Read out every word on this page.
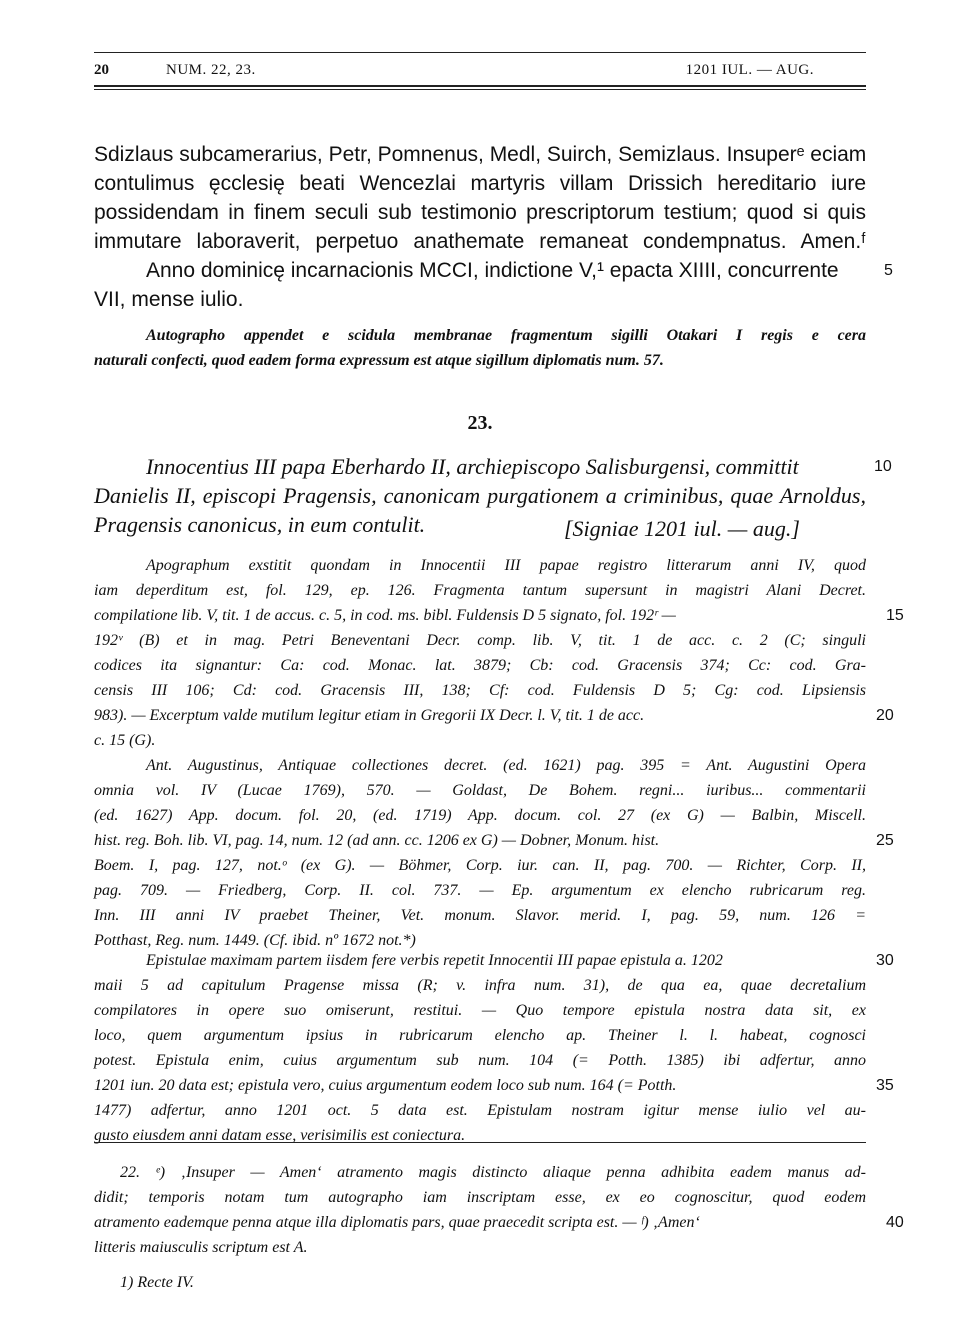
20	NUM. 22, 23.	1201 IUL. — AUG.
Sdizlaus subcamerarius, Petr, Pomnenus, Medl, Suirch, Semizlaus. Insuperᵉ eciam
contulimus ęcclesię beati Wencezlai martyris villam Drissich hereditario iure
possidendam in finem seculi sub testimonio prescriptorum testium; quod si quis
immutare laboraverit, perpetuo anathemate remaneat condempnatus. Amen.ᶠ
Anno dominicę incarnacionis MCCI, indictione V,¹ epacta XIIII, concurrente	5
VII, mense iulio.
Autographo appendet e scidula membranae fragmentum sigilli Otakari I regis e cera
naturali confecti, quod eadem forma expressum est atque sigillum diplomatis num. 57.
23.
Innocentius III papa Eberhardo II, archiepiscopo Salisburgensi, committit	10
Danielis II, episcopi Pragensis, canonicam purgationem a criminibus, quae Arnoldus,
Pragensis canonicus, in eum contulit.	[Signiae 1201 iul. — aug.]
Apographum exstitit quondam in Innocentii III papae registro litterarum anni IV, quod
iam deperditum est, fol. 129, ep. 126. Fragmenta tantum supersunt in magistri Alani Decret.
compilatione lib. V, tit. 1 de accus. c. 5, in cod. ms. bibl. Fuldensis D 5 signato, fol. 192ʳ —	15
192ᵛ (B) et in mag. Petri Beneventani Decr. comp. lib. V, tit. 1 de acc. c. 2 (C; singuli
codices ita signantur: Ca: cod. Monac. lat. 3879; Cb: cod. Gracensis 374; Cc: cod. Gra-
censis III 106; Cd: cod. Gracensis III, 138; Cf: cod. Fuldensis D 5; Cg: cod. Lipsiensis
983). — Excerptum valde mutilum legitur etiam in Gregorii IX Decr. l. V, tit. 1 de acc.	20
c. 15 (G).
Ant. Augustinus, Antiquae collectiones decret. (ed. 1621) pag. 395 = Ant. Augustini Opera
omnia vol. IV (Lucae 1769), 570. — Goldast, De Bohem. regni... iuribus... commentarii
(ed. 1627) App. docum. fol. 20, (ed. 1719) App. docum. col. 27 (ex G) — Balbin, Miscell.
hist. reg. Boh. lib. VI, pag. 14, num. 12 (ad ann. cc. 1206 ex G) — Dobner, Monum. hist.	25
Boem. I, pag. 127, not.ᵒ (ex G). — Böhmer, Corp. iur. can. II, pag. 700. — Richter, Corp. II,
pag. 709. — Friedberg, Corp. II. col. 737. — Ep. argumentum ex elencho rubricarum reg.
Inn. III anni IV praebet Theiner, Vet. monum. Slavor. merid. I, pag. 59, num. 126 =
Potthast, Reg. num. 1449. (Cf. ibid. nº 1672 not.*)
Epistulae maximam partem iisdem fere verbis repetit Innocentii III papae epistula a. 1202	30
maii 5 ad capitulum Pragense missa (R; v. infra num. 31), de qua ea, quae decretalium
compilatores in opere suo omiserunt, restitui. — Quo tempore epistula nostra data sit, ex
loco, quem argumentum ipsius in rubricarum elencho ap. Theiner l. l. habeat, cognosci
potest. Epistula enim, cuius argumentum sub num. 104 (= Potth. 1385) ibi adfertur, anno
1201 iun. 20 data est; epistula vero, cuius argumentum eodem loco sub num. 164 (= Potth.	35
1477) adfertur, anno 1201 oct. 5 data est. Epistulam nostram igitur mense iulio vel au-
gusto eiusdem anni datam esse, verisimilis est coniectura.
22. ᵉ) ‚Insuper — Amen‘ atramento magis distincto aliaque penna adhibita eadem manus ad-
didit; temporis notam tum autographo iam inscriptam esse, ex eo cognoscitur, quod eodem
atramento eademque penna atque illa diplomatis pars, quae praecedit scripta est. — ᶠ) ‚Amen‘	40
litteris maiusculis scriptum est A.
1) Recte IV.
